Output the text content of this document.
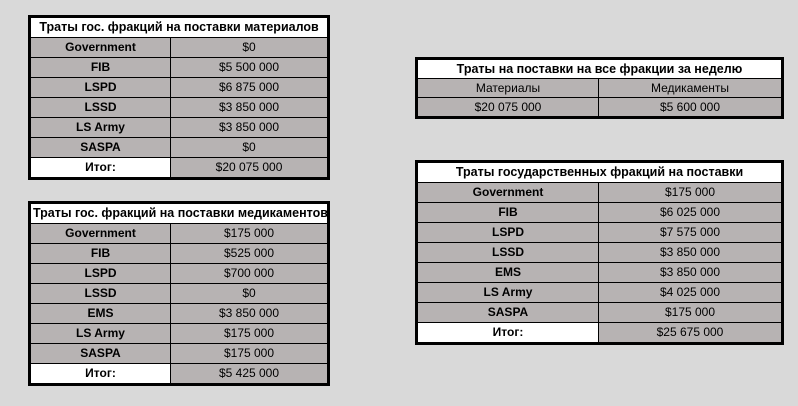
Траты гос. фракций на поставки материалов	
Government	$0
FIB	$5 500 000
LSPD	$6 875 000
LSSD	$3 850 000
LS Army	$3 850 000
SASPA	$0
Итог:	$20 075 000
Траты гос. фракций на поставки медикаментов	
Government	$175 000
FIB	$525 000
LSPD	$700 000
LSSD	$0
EMS	$3 850 000
LS Army	$175 000
SASPA	$175 000
Итог:	$5 425 000
Траты на поставки на все фракции за неделю	
Материалы	Медикаменты
$20 075 000	$5 600 000
Траты государственных фракций на поставки	
Government	$175 000
FIB	$6 025 000
LSPD	$7 575 000
LSSD	$3 850 000
EMS	$3 850 000
LS Army	$4 025 000
SASPA	$175 000
Итог:	$25 675 000
